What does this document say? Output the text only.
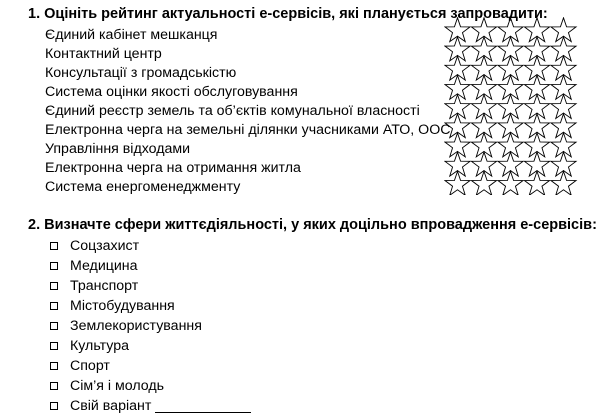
1. Оцініть рейтинг актуальності е-сервісів, які планується запровадити:
Єдиний кабінет мешканця
Контактний центр
Консультації з громадськістю
Система оцінки якості обслуговування
Єдиний реєстр земель та об’єктів комунальної власності
Електронна черга на земельні ділянки учасниками АТО, ООС
Управління відходами
Електронна черга на отримання житла
Система енергоменеджменту
2. Визначте сфери життєдіяльності, у яких доцільно впровадження е-сервісів:
Соцзахист
Медицина
Транспорт
Містобудування
Землекористування
Культура
Спорт
Сім’я і молодь
Свій варіант
